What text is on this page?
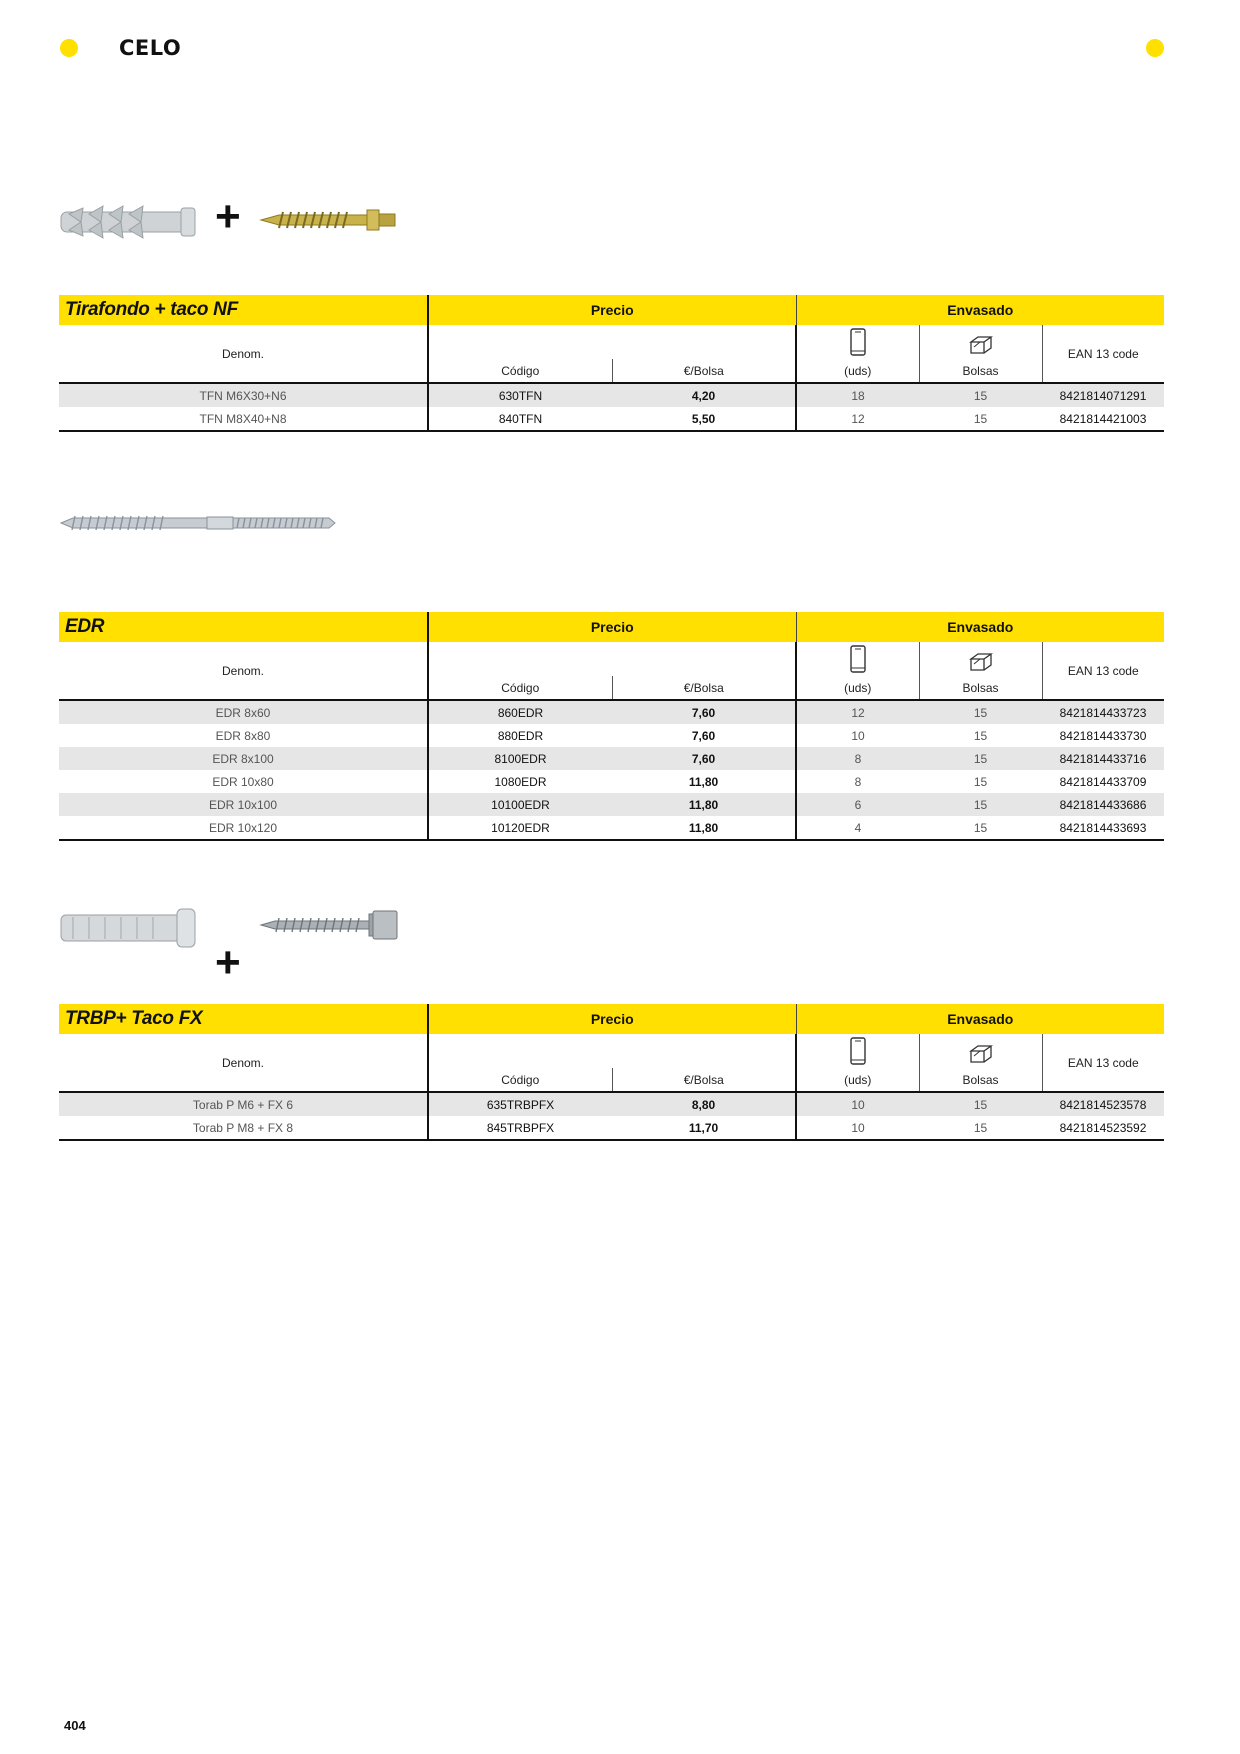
CELO
404
+
Tirafondo + taco NF	Precio		Envasado		
Denom.					EAN 13 code
	Código	€/Bolsa	(uds)	Bolsas	
TFN M6X30+N6	630TFN	4,20	18	15	8421814071291
TFN M8X40+N8	840TFN	5,50	12	15	8421814421003
EDR	Precio		Envasado		
Denom.					EAN 13 code
	Código	€/Bolsa	(uds)	Bolsas	
EDR 8x60	860EDR	7,60	12	15	8421814433723
EDR 8x80	880EDR	7,60	10	15	8421814433730
EDR 8x100	8100EDR	7,60	8	15	8421814433716
EDR 10x80	1080EDR	11,80	8	15	8421814433709
EDR 10x100	10100EDR	11,80	6	15	8421814433686
EDR 10x120	10120EDR	11,80	4	15	8421814433693
+
TRBP+ Taco FX	Precio		Envasado		
Denom.					EAN 13 code
	Código	€/Bolsa	(uds)	Bolsas	
Torab P M6 + FX 6	635TRBPFX	8,80	10	15	8421814523578
Torab P M8 + FX 8	845TRBPFX	11,70	10	15	8421814523592
